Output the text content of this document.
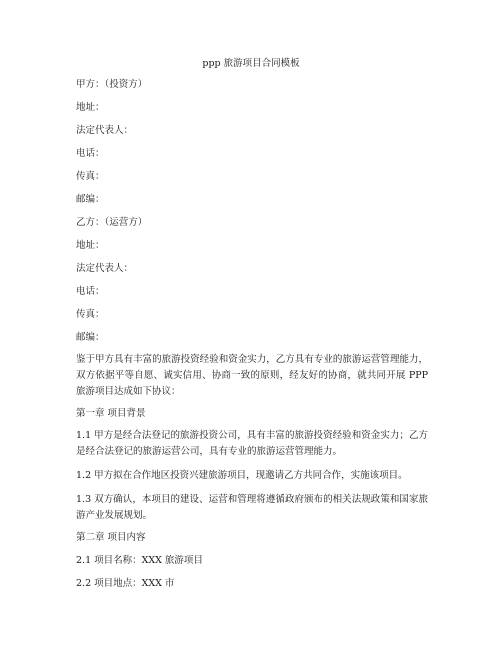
ppp 旅游项目合同模板

甲方：（投资方）

地址：

法定代表人：

电话：

传真：

邮编：

乙方：（运营方）

地址：

法定代表人：

电话：

传真：

邮编：

鉴于甲方具有丰富的旅游投资经验和资金实力，乙方具有专业的旅游运营管理能力，双方依据平等自愿、诚实信用、协商一致的原则，经友好的协商，就共同开展 PPP 旅游项目达成如下协议：

第一章 项目背景

1.1 甲方是经合法登记的旅游投资公司，具有丰富的旅游投资经验和资金实力；乙方是经合法登记的旅游运营公司，具有专业的旅游运营管理能力。

1.2 甲方拟在合作地区投资兴建旅游项目，现邀请乙方共同合作，实施该项目。

1.3 双方确认，本项目的建设、运营和管理将遵循政府颁布的相关法规政策和国家旅游产业发展规划。

第二章 项目内容

2.1 项目名称：XXX 旅游项目

2.2 项目地点：XXX 市
